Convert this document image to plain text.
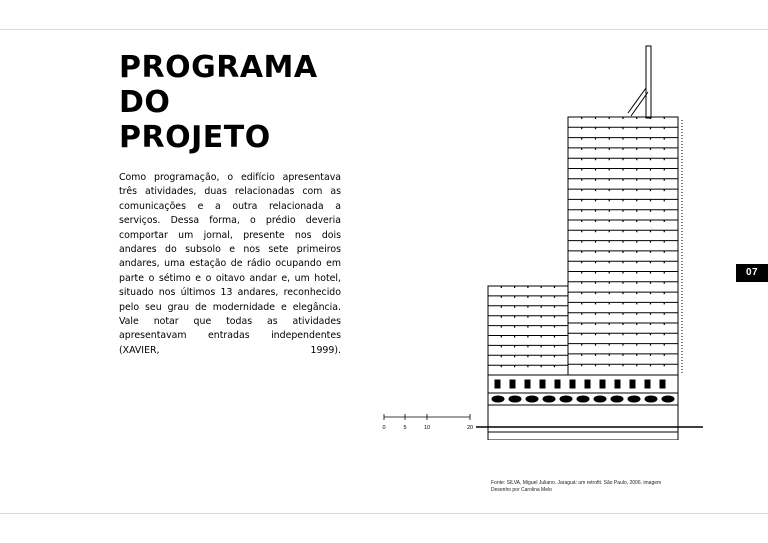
PROGRAMA
DO
PROJETO

Como programação, o edifício apresentava três atividades, duas relacionadas com as comunicações e a outra relacionada a serviços. Dessa forma, o prédio deveria comportar um jornal, presente nos dois andares do subsolo e nos sete primeiros andares, uma estação de rádio ocupando em parte o sétimo e o oitavo andar e, um hotel, situado nos últimos 13 andares, reconhecido pelo seu grau de modernidade e elegância. Vale notar que todas as atividades apresentavam entradas independentes (XAVIER, 1999).

07
0	5	10	20
Fonte: SILVA, Miguel Juliano. Jaraguá: um retrofit. São Paulo, 2006. imagem
Desenho por Carolina Melo
